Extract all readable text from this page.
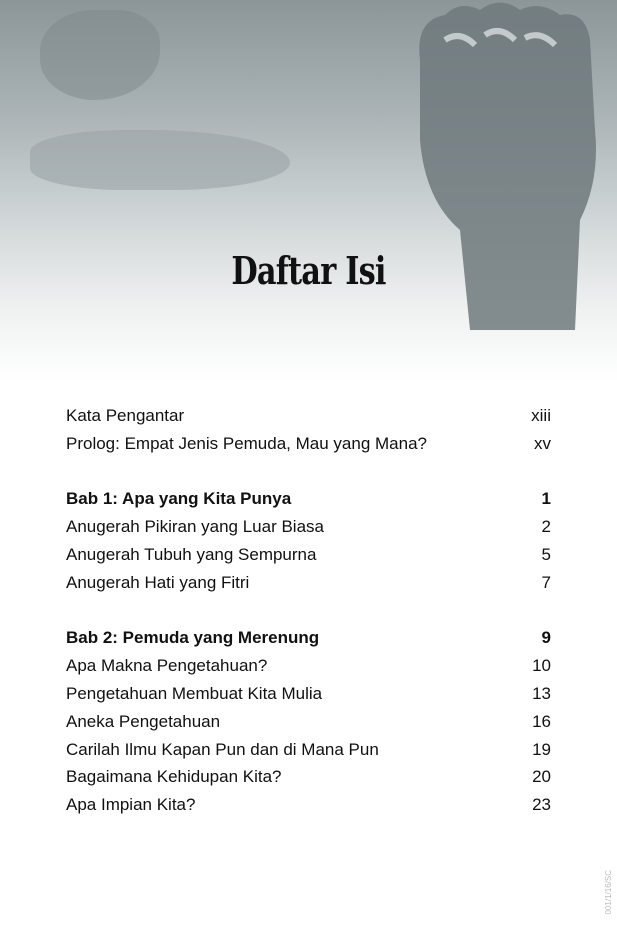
Daftar Isi
Kata Pengantar	xiii
Prolog: Empat Jenis Pemuda, Mau yang Mana?	xv
Bab 1: Apa yang Kita Punya	1
Anugerah Pikiran yang Luar Biasa	2
Anugerah Tubuh yang Sempurna	5
Anugerah Hati yang Fitri	7
Bab 2: Pemuda yang Merenung	9
Apa Makna Pengetahuan?	10
Pengetahuan Membuat Kita Mulia	13
Aneka Pengetahuan	16
Carilah Ilmu Kapan Pun dan di Mana Pun	19
Bagaimana Kehidupan Kita?	20
Apa Impian Kita?	23
001/1/16/SC
